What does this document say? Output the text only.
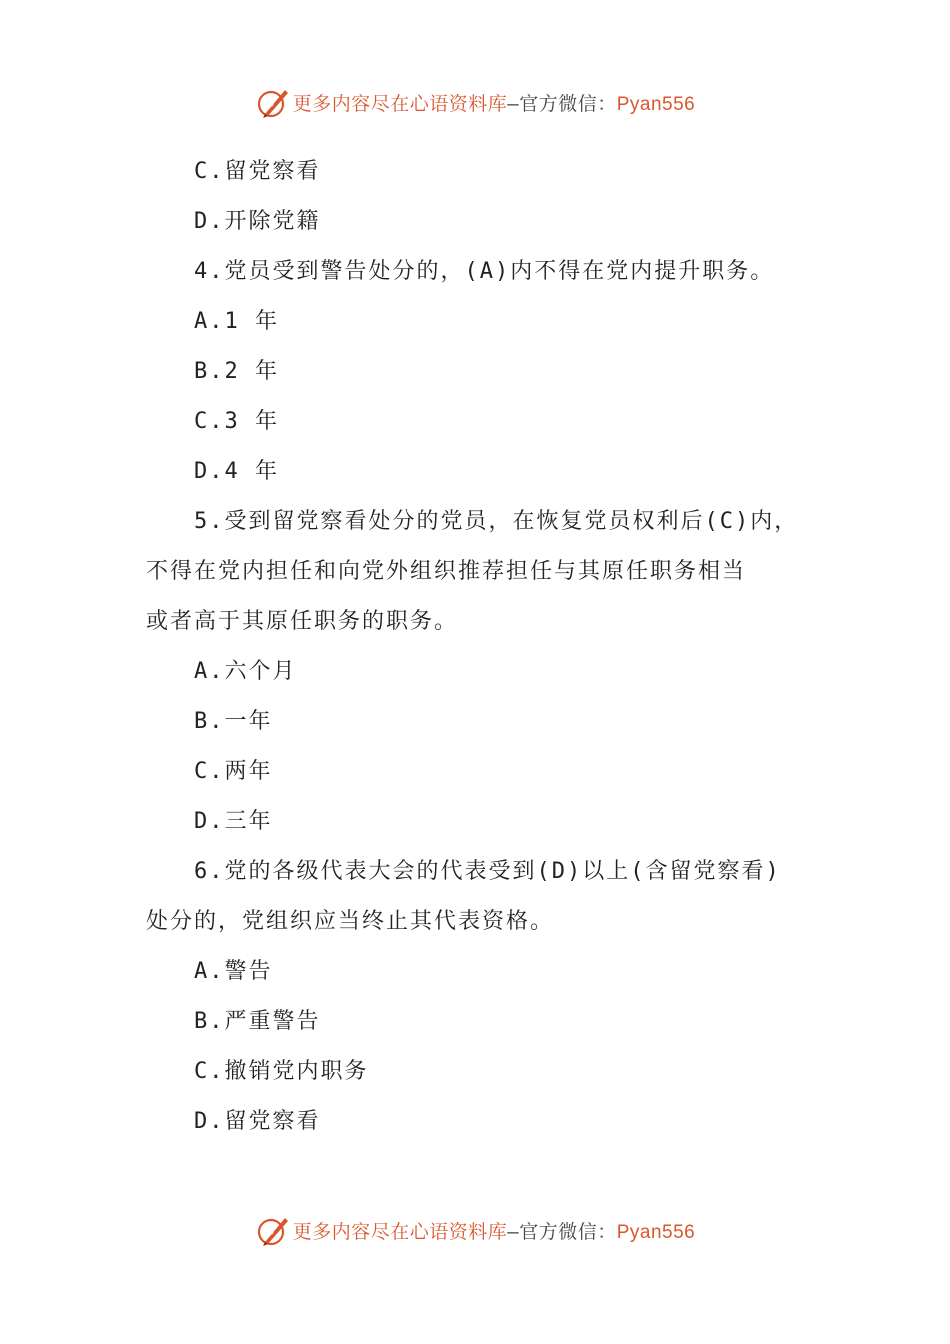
更多内容尽在心语资料库—官方微信：Pyan556
C.留党察看
D.开除党籍
4.党员受到警告处分的，(A)内不得在党内提升职务。
A.1 年
B.2 年
C.3 年
D.4 年
5.受到留党察看处分的党员，在恢复党员权利后(C)内，
不得在党内担任和向党外组织推荐担任与其原任职务相当
或者高于其原任职务的职务。
A.六个月
B.一年
C.两年
D.三年
6.党的各级代表大会的代表受到(D)以上(含留党察看)
处分的，党组织应当终止其代表资格。
A.警告
B.严重警告
C.撤销党内职务
D.留党察看
更多内容尽在心语资料库—官方微信：Pyan556
